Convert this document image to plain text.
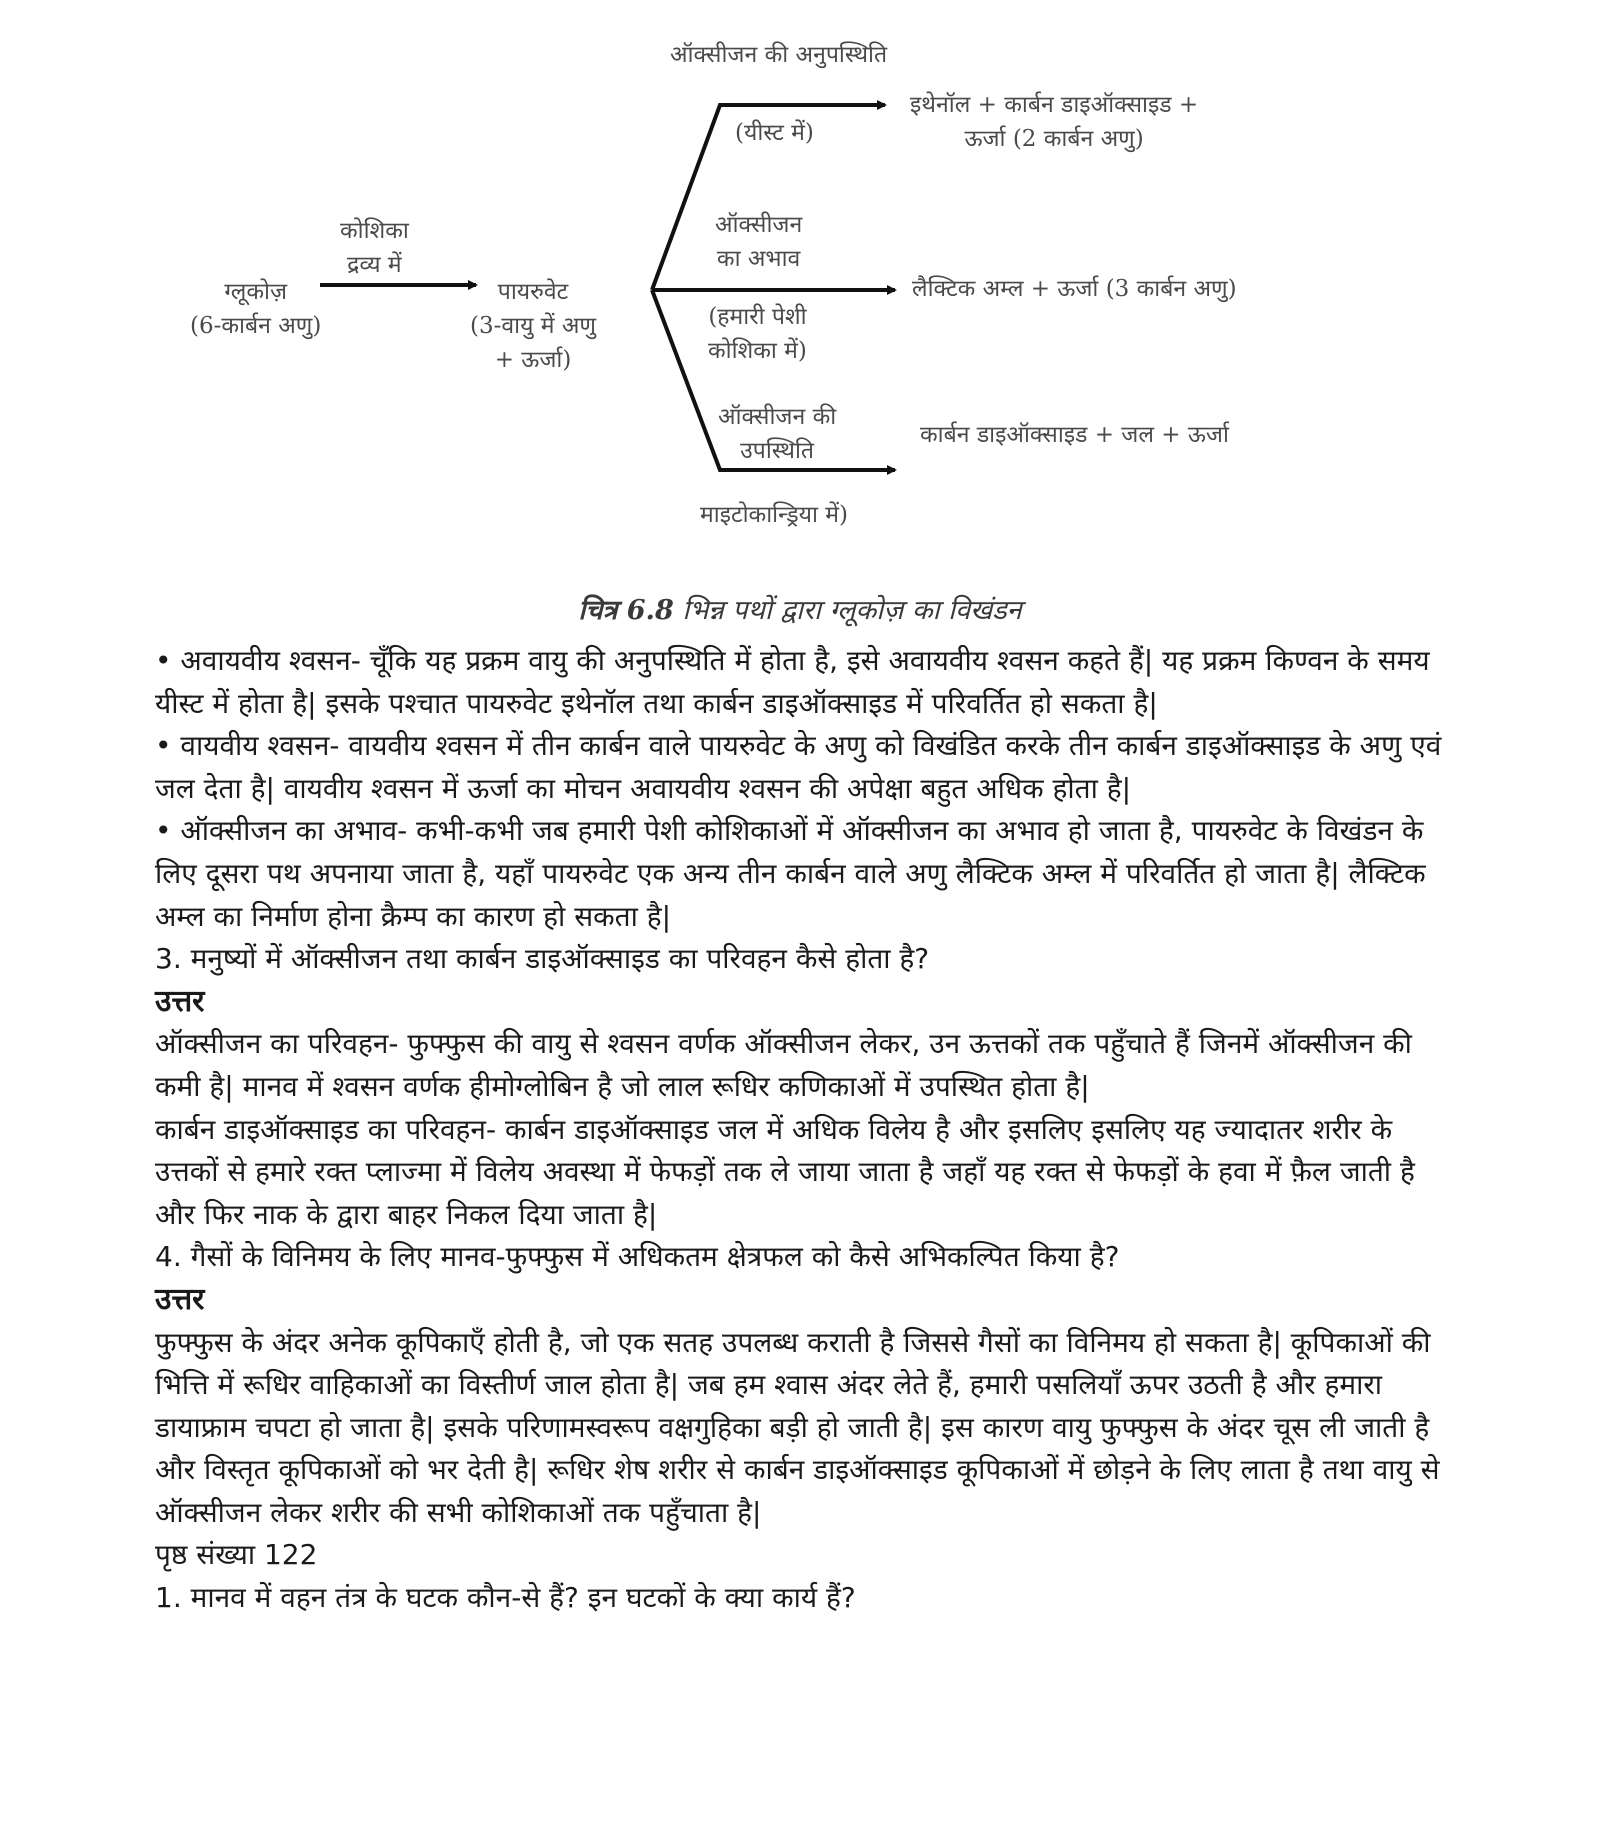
ऑक्सीजन की अनुपस्थिति
ग्लूकोज़
(6-कार्बन अणु)
कोशिका
द्रव्य में
पायरुवेट
(3-वायु में अणु
+ ऊर्जा)
(यीस्ट में)
इथेनॉल + कार्बन डाइऑक्साइड +
ऊर्जा (2 कार्बन अणु)
ऑक्सीजन
का अभाव
(हमारी पेशी
कोशिका में)
लैक्टिक अम्ल + ऊर्जा (3 कार्बन अणु)
ऑक्सीजन की
उपस्थिति
माइटोकान्ड्रिया में)
कार्बन डाइऑक्साइड + जल + ऊर्जा
चित्र 6.8 भिन्न पथों द्वारा ग्लूकोज़ का विखंडन

• अवायवीय श्वसन- चूँकि यह प्रक्रम वायु की अनुपस्थिति में होता है, इसे अवायवीय श्वसन कहते हैं| यह प्रक्रम किण्वन के समय यीस्ट में होता है| इसके पश्चात पायरुवेट इथेनॉल तथा कार्बन डाइऑक्साइड में परिवर्तित हो सकता है|

• वायवीय श्वसन- वायवीय श्वसन में तीन कार्बन वाले पायरुवेट के अणु को विखंडित करके तीन कार्बन डाइऑक्साइड के अणु एवं जल देता है| वायवीय श्वसन में ऊर्जा का मोचन अवायवीय श्वसन की अपेक्षा बहुत अधिक होता है|

• ऑक्सीजन का अभाव- कभी-कभी जब हमारी पेशी कोशिकाओं में ऑक्सीजन का अभाव हो जाता है, पायरुवेट के विखंडन के लिए दूसरा पथ अपनाया जाता है, यहाँ पायरुवेट एक अन्य तीन कार्बन वाले अणु लैक्टिक अम्ल में परिवर्तित हो जाता है| लैक्टिक अम्ल का निर्माण होना क्रैम्प का कारण हो सकता है|

3. मनुष्यों में ऑक्सीजन तथा कार्बन डाइऑक्साइड का परिवहन कैसे होता है?

उत्तर

ऑक्सीजन का परिवहन- फुफ्फुस की वायु से श्वसन वर्णक ऑक्सीजन लेकर, उन ऊत्तकों तक पहुँचाते हैं जिनमें ऑक्सीजन की कमी है| मानव में श्वसन वर्णक हीमोग्लोबिन है जो लाल रूधिर कणिकाओं में उपस्थित होता है|

कार्बन डाइऑक्साइड का परिवहन- कार्बन डाइऑक्साइड जल में अधिक विलेय है और इसलिए इसलिए यह ज्यादातर शरीर के उत्तकों से हमारे रक्त प्लाज्मा में विलेय अवस्था में फेफड़ों तक ले जाया जाता है जहाँ यह रक्त से फेफड़ों के हवा में फ़ैल जाती है और फिर नाक के द्वारा बाहर निकल दिया जाता है|

4. गैसों के विनिमय के लिए मानव-फुफ्फुस में अधिकतम क्षेत्रफल को कैसे अभिकल्पित किया है?

उत्तर

फुफ्फुस के अंदर अनेक कूपिकाएँ होती है, जो एक सतह उपलब्ध कराती है जिससे गैसों का विनिमय हो सकता है| कूपिकाओं की भित्ति में रूधिर वाहिकाओं का विस्तीर्ण जाल होता है| जब हम श्वास अंदर लेते हैं, हमारी पसलियाँ ऊपर उठती है और हमारा डायाफ्राम चपटा हो जाता है| इसके परिणामस्वरूप वक्षगुहिका बड़ी हो जाती है| इस कारण वायु फुफ्फुस के अंदर चूस ली जाती है और विस्तृत कूपिकाओं को भर देती है| रूधिर शेष शरीर से कार्बन डाइऑक्साइड कूपिकाओं में छोड़ने के लिए लाता है तथा वायु से ऑक्सीजन लेकर शरीर की सभी कोशिकाओं तक पहुँचाता है|

पृष्ठ संख्या 122

1. मानव में वहन तंत्र के घटक कौन-से हैं? इन घटकों के क्या कार्य हैं?
